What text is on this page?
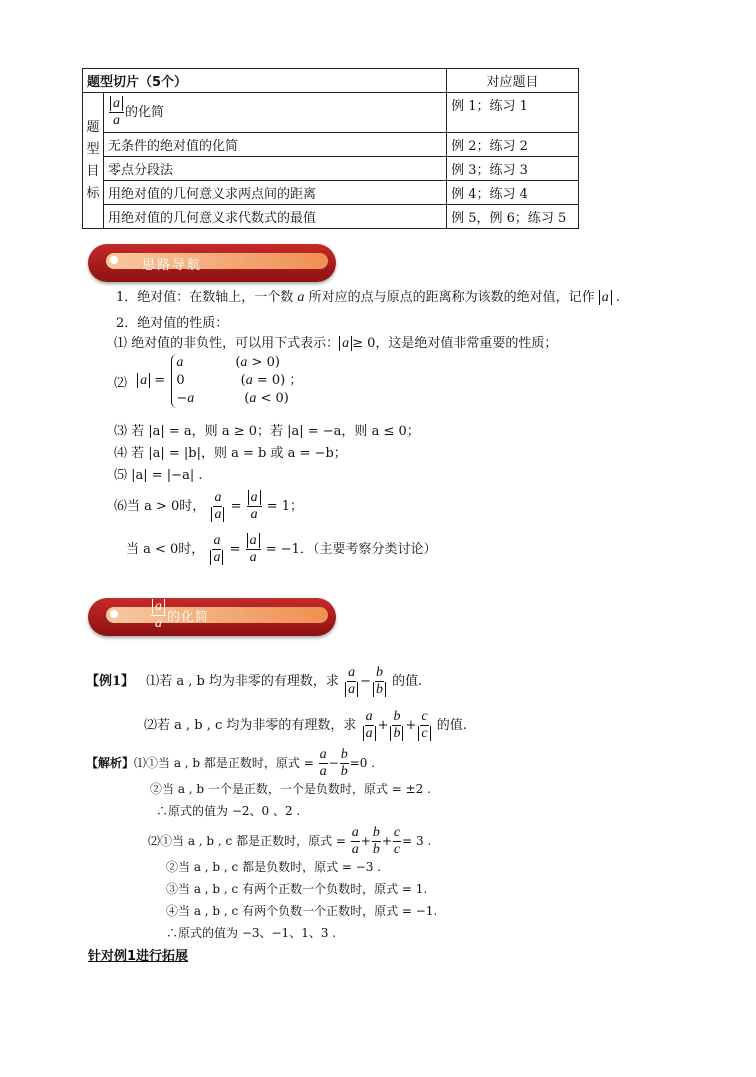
题型切片（5个）		对应题目
题
型
目
标	$\frac{a}{a}$ 的化简	例 1；练习 1
	无条件的绝对值的化简	例 2；练习 2
	零点分段法	例 3；练习 3
	用绝对值的几何意义求两点间的距离	例 4；练习 4
	用绝对值的几何意义求代数式的最值	例 5，例 6；练习 5
思路导航
1．绝对值：在数轴上，一个数 a 所对应的点与原点的距离称为该数的绝对值，记作 a .
2．绝对值的性质：
⑴ 绝对值的非负性，可以用下式表示： a ≥ 0，这是绝对值非常重要的性质；
⑵ a = a	(a > 0)
0	(a = 0) ；
−a	(a < 0)
⑶ 若 |a| = a，则 a ≥ 0；若 |a| = −a，则 a ≤ 0；
⑷ 若 |a| = |b|，则 a = b 或 a = −b；
⑸ |a| = |−a| .
⑹当 a > 0时， $\frac{a}{a} = \frac{a}{a} = 1$；
当 a < 0时， $\frac{a}{a} = \frac{a}{a} = -1$．（主要考察分类讨论）
$\frac{a}{a}$ 的化简
【例1】 ⑴若 a , b 均为非零的有理数，求 $\frac{a}{a} - \frac{b}{b}$ 的值.
⑵若 a , b , c 均为非零的有理数，求 $\frac{a}{a} + \frac{b}{b} + \frac{c}{c}$ 的值.
【解析】⑴①当 a , b 都是正数时，原式 = $\frac{a}{a} - \frac{b}{b} =0$ .
②当 a , b 一个是正数，一个是负数时，原式 = ±2 .
∴原式的值为 −2、0 、2 .
⑵①当 a , b , c 都是正数时，原式 = $\frac{a}{a} + \frac{b}{b} + \frac{c}{c} = 3$ .
②当 a , b , c 都是负数时，原式 = −3 .
③当 a , b , c 有两个正数一个负数时，原式 = 1.
④当 a , b , c 有两个负数一个正数时，原式 = −1.
∴原式的值为 −3、−1、1、3 .
针对例1进行拓展
